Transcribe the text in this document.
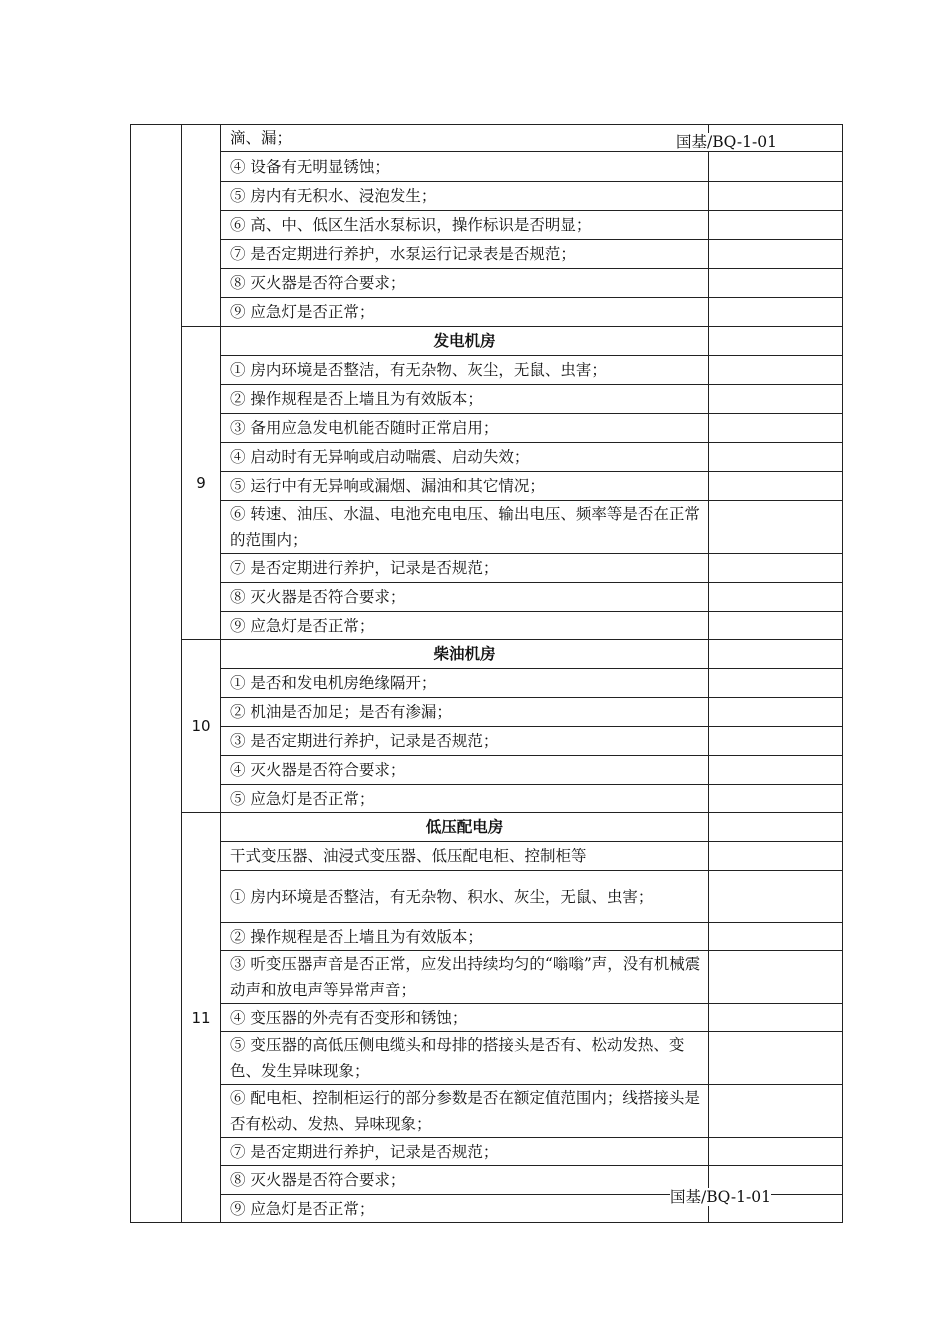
		滴、漏；	
		④ 设备有无明显锈蚀；	
		⑤ 房内有无积水、浸泡发生；	
		⑥ 高、中、低区生活水泵标识，操作标识是否明显；	
		⑦ 是否定期进行养护，水泵运行记录表是否规范；	
		⑧ 灭火器是否符合要求；	
		⑨ 应急灯是否正常；	
	9	发电机房	
		① 房内环境是否整洁，有无杂物、灰尘，无鼠、虫害；	
		② 操作规程是否上墙且为有效版本；	
		③ 备用应急发电机能否随时正常启用；	
		④ 启动时有无异响或启动喘震、启动失效；	
		⑤ 运行中有无异响或漏烟、漏油和其它情况；	
		⑥ 转速、油压、水温、电池充电电压、输出电压、频率等是否在正常的范围内；	
		⑦ 是否定期进行养护，记录是否规范；	
		⑧ 灭火器是否符合要求；	
		⑨ 应急灯是否正常；	
	10	柴油机房	
		① 是否和发电机房绝缘隔开；	
		② 机油是否加足；是否有渗漏；	
		③ 是否定期进行养护，记录是否规范；	
		④ 灭火器是否符合要求；	
		⑤ 应急灯是否正常；	
	11	低压配电房	
		干式变压器、油浸式变压器、低压配电柜、控制柜等	
		① 房内环境是否整洁，有无杂物、积水、灰尘，无鼠、虫害；	
		② 操作规程是否上墙且为有效版本；	
		③ 听变压器声音是否正常，应发出持续均匀的“嗡嗡”声，没有机械震动声和放电声等异常声音；	
		④ 变压器的外壳有否变形和锈蚀；	
		⑤ 变压器的高低压侧电缆头和母排的搭接头是否有、松动发热、变色、发生异味现象；	
		⑥ 配电柜、控制柜运行的部分参数是否在额定值范围内；线搭接头是否有松动、发热、异味现象；	
		⑦ 是否定期进行养护，记录是否规范；	
		⑧ 灭火器是否符合要求；	
		⑨ 应急灯是否正常；	
国基/BQ-1-01
国基/BQ-1-01
